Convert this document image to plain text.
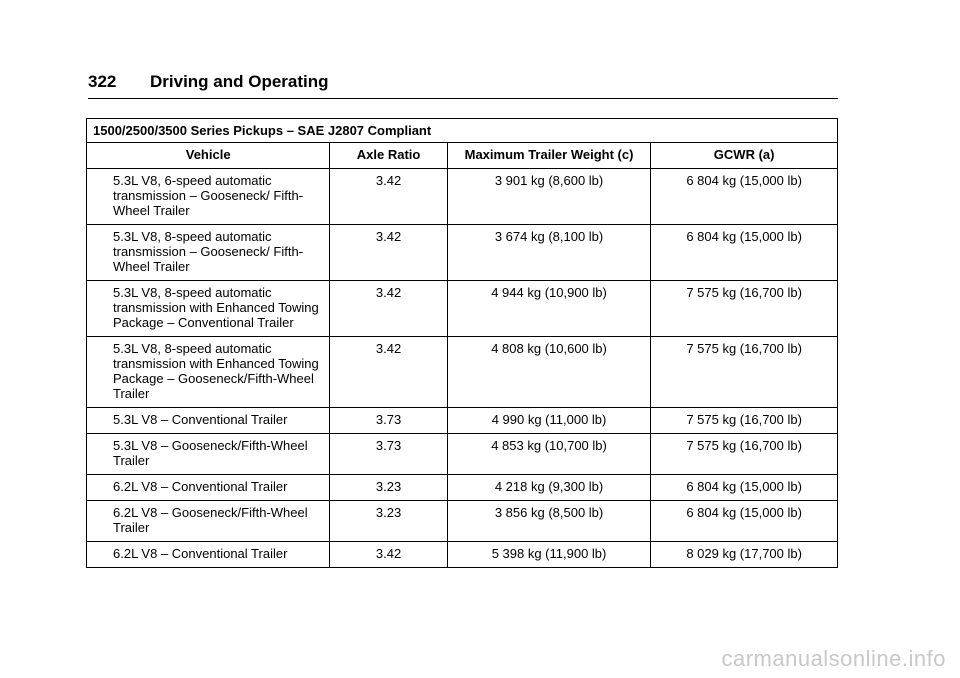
322 Driving and Operating
1500/2500/3500 Series Pickups – SAE J2807 Compliant			
Vehicle	Axle Ratio	Maximum Trailer Weight (c)	GCWR (a)
5.3L V8, 6-speed automatic transmission – Gooseneck/ Fifth-Wheel Trailer	3.42	3 901 kg (8,600 lb)	6 804 kg (15,000 lb)
5.3L V8, 8-speed automatic transmission – Gooseneck/ Fifth-Wheel Trailer	3.42	3 674 kg (8,100 lb)	6 804 kg (15,000 lb)
5.3L V8, 8-speed automatic transmission with Enhanced Towing Package – Conventional Trailer	3.42	4 944 kg (10,900 lb)	7 575 kg (16,700 lb)
5.3L V8, 8-speed automatic transmission with Enhanced Towing Package – Gooseneck/Fifth-Wheel Trailer	3.42	4 808 kg (10,600 lb)	7 575 kg (16,700 lb)
5.3L V8 – Conventional Trailer	3.73	4 990 kg (11,000 lb)	7 575 kg (16,700 lb)
5.3L V8 – Gooseneck/Fifth-Wheel Trailer	3.73	4 853 kg (10,700 lb)	7 575 kg (16,700 lb)
6.2L V8 – Conventional Trailer	3.23	4 218 kg (9,300 lb)	6 804 kg (15,000 lb)
6.2L V8 – Gooseneck/Fifth-Wheel Trailer	3.23	3 856 kg (8,500 lb)	6 804 kg (15,000 lb)
6.2L V8 – Conventional Trailer	3.42	5 398 kg (11,900 lb)	8 029 kg (17,700 lb)
carmanualsonline.info
